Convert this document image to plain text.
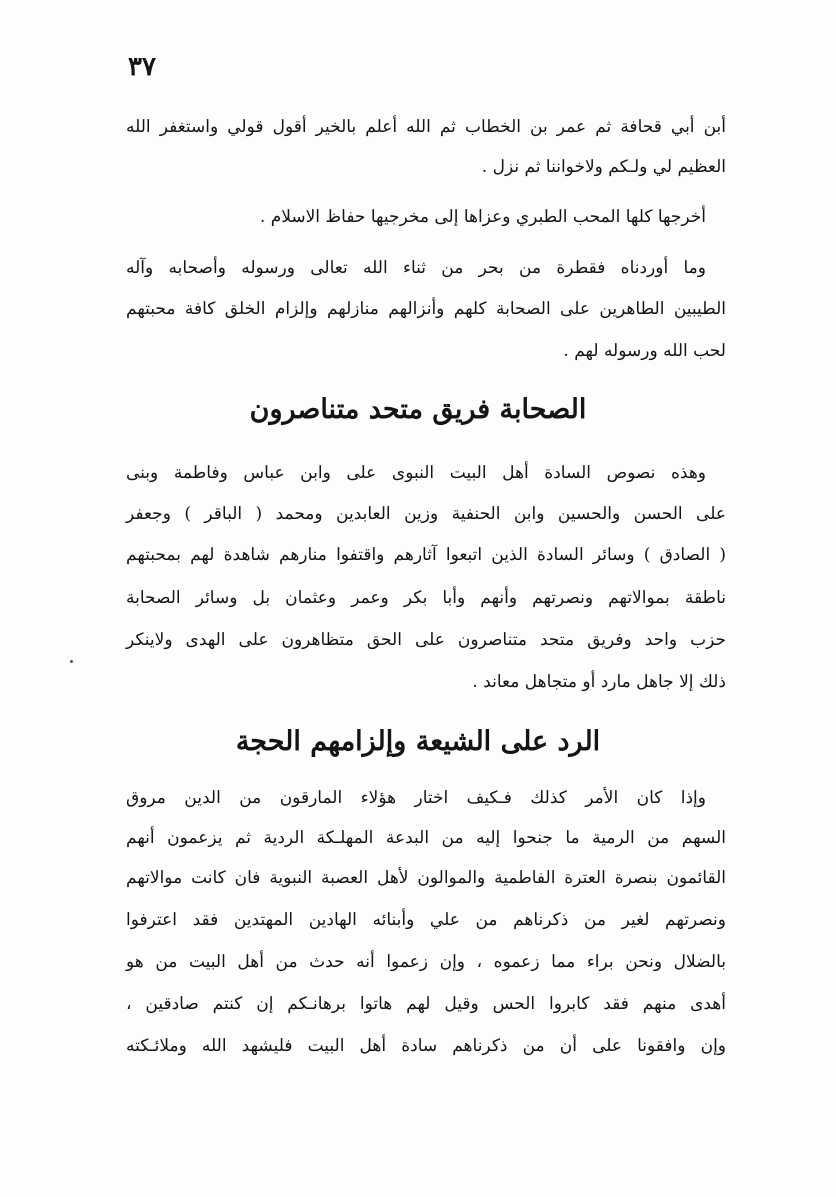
٣٧
أبن أبي قحافة ثم عمر بن الخطاب ثم الله أعلم بالخير أقول قولي واستغفر الله
العظيم لي ولـكم ولاخواننا ثم نزل .
أخرجها كلها المحب الطبري وعزاها إلى مخرجيها حفاظ الاسلام .
وما أوردناه فقطرة من بحر من ثناء الله تعالى ورسوله وأصحابه وآله
الطيبين الطاهرين على الصحابة كلهم وأنزالهم منازلهم وإلزام الخلق كافة محبتهم
لحب الله ورسوله لهم .
الصحابة فريق متحد متناصرون
وهذه نصوص السادة أهل البيت النبوى على وابن عباس وفاطمة وبنى
على الحسن والحسين وابن الحنفية وزين العابدين ومحمد ( الباقر ) وجعفر
( الصادق ) وسائر السادة الذين اتبعوا آثارهم واقتفوا منارهم شاهدة لهم بمحبتهم
ناطقة بموالاتهم ونصرتهم وأنهم وأبا بكر وعمر وعثمان بل وسائر الصحابة
حزب واحد وفريق متحد متناصرون على الحق متظاهرون على الهدى ولاينكر
ذلك إلا جاهل مارد أو متجاهل معاند .
الرد على الشيعة وإلزامهم الحجة
وإذا كان الأمر كذلك فـكيف اختار هؤلاء المارقون من الدين مروق
السهم من الرمية ما جنحوا إليه من البدعة المهلـكة الردية ثم يزعمون أنهم
القائمون بنصرة العترة الفاطمية والموالون لأهل العصبة النبوية فان كانت موالاتهم
ونصرتهم لغير من ذكرناهم من علي وأبنائه الهادين المهتدين فقد اعترفوا
بالضلال ونحن براء مما زعموه ، وإن زعموا أنه حدث من أهل البيت من هو
أهدى منهم فقد كابروا الحس وقيل لهم هاتوا برهانـكم إن كنتم صادقين ،
وإن وافقونا على أن من ذكرناهم سادة أهل البيت فليشهد الله وملائـكته
